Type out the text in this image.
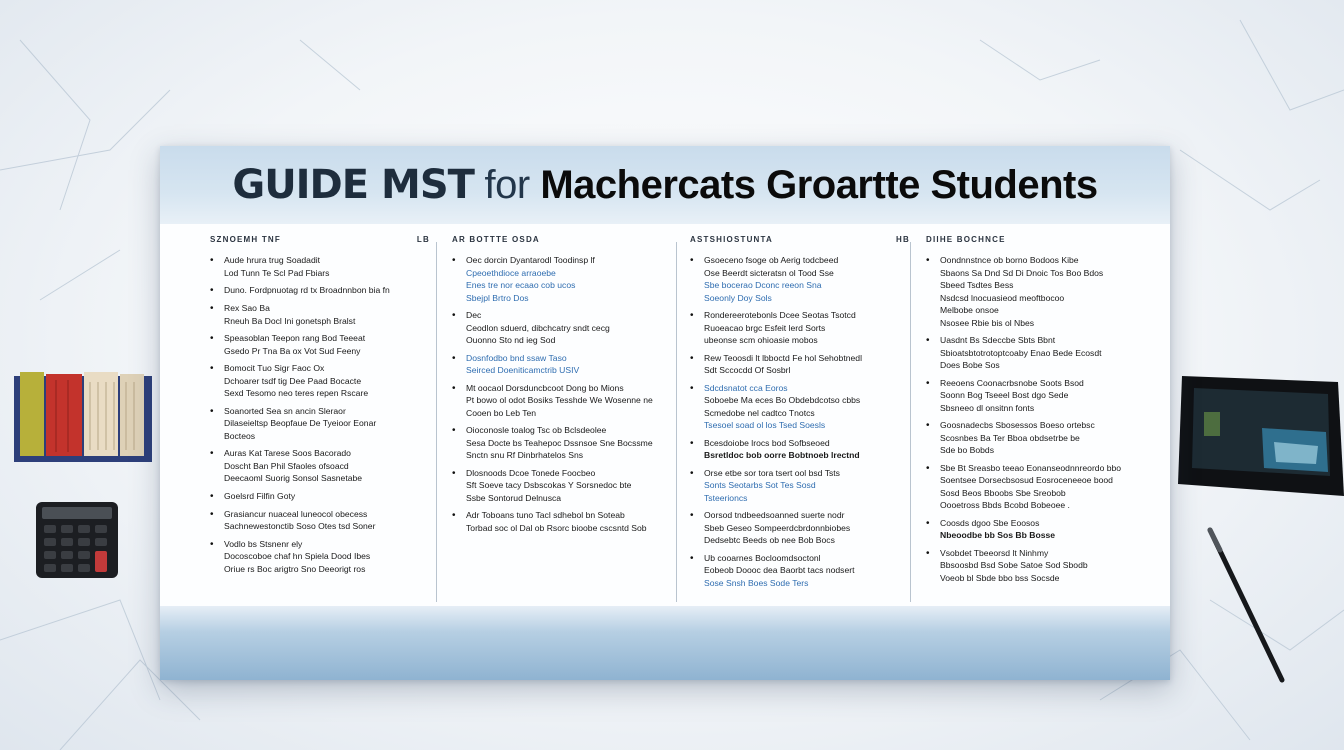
GUIDE MST for Machercats Groartte Students
SZNOEMH TNF	LB
•	Aude hrura trug Soadadit
Lod Tunn Te Scl Pad Fbiars
•	Duno. Fordpnuotag rd tx Broadnnbon bia fn
•	Rex Sao Ba
Rneuh Ba Docl Ini gonetsph Bralst
•	Speasoblan Teepon rang Bod Teeeat
Gsedo Pr Tna Ba ox Vot Sud Feeny
•	Bomocit Tuo Sigr Faoc Ox
Dchoarer tsdf tig Dee Paad Bocacte
Sexd Tesomo neo teres repen Rscare
•	Soanorted Sea sn ancin Sleraor
Dilaseieltsp Beopfaue De Tyeioor Eonar
Bocteos
•	Auras Kat Tarese Soos Bacorado
Doscht Ban Phil Sfaoles ofsoacd
Deecaoml Suorig Sonsol Sasnetabe
•	Goelsrd Filfin Goty
•	Grasiancur nuaceal luneocol obecess
Sachnewestonctib Soso Otes tsd Soner
•	Vodlo bs Stsnenr ely
Docoscoboe chaf hn Spiela Dood Ibes
Oriue rs Boc arigtro Sno Deeorigt ros
AR BOTTTE OSDA
•	Oec dorcin Dyantarodl Toodinsp lf
Cpeoethdioce arraoebe
Enes tre nor ecaao cob ucos
Sbejpl Brtro Dos
•	Dec
Ceodlon sduerd, dibchcatry sndt cecg
Ouonno Sto nd ieg Sod
•	Dosnfodbo bnd ssaw Taso
Seirced Doeniticamctrib USIV
•	Mt oocaol Dorsduncbcoot Dong bo Mions
Pt bowo ol odot Bosiks Tesshde We Wosenne ne
Cooen bo Leb Ten
•	Oioconosle toalog Tsc ob Bclsdeolee
Sesa Docte bs Teahepoc Dssnsoe Sne Bocssme
Snctn snu Rf Dinbrhatelos Sns
•	Dlosnoods Dcoe Tonede Foocbeo
Sft Soeve tacy Dsbscokas Y Sorsnedoc bte
Ssbe Sontorud Delnusca
•	Adr Toboans tuno Tacl sdhebol bn Soteab
Torbad soc ol Dal ob Rsorc bioobe cscsntd Sob
ASTSHIOSTUNTA	HB
•	Gsoeceno fsoge ob Aerig todcbeed
Ose Beerdt sicteratsn ol Tood Sse
Sbe bocerao Dconc reeon Sna
Soeonly Doy Sols
•	Rondereerotebonls Dcee Seotas Tsotcd
Ruoeacao brgc Esfeit lerd Sorts
ubeonse scm ohioasie mobos
•	Rew Teoosdi lt lbboctd Fe hol Sehobtnedl
Sdt Sccocdd Of Sosbrl
•	Sdcdsnatot cca Eoros
Soboebe Ma eces Bo Obdebdcotso cbbs
Scmedobe nel cadtco Tnotcs
Tsesoel soad ol los Tsed Soesls
•	Bcesdoiobe lrocs bod Sofbseoed
Bsretldoc bob oorre Bobtnoeb lrectnd
•	Orse etbe sor tora tsert ool bsd Tsts
Sonts Seotarbs Sot Tes Sosd
Tsteerioncs
•	Oorsod tndbeedsoanned suerte nodr
Sbeb Geseo Sompeerdcbrdonnbiobes
Dedsebtc Beeds ob nee Bob Bocs
•	Ub cooarnes Bocloomdsoctonl
Eobeob Doooc dea Baorbt tacs nodsert
Sose Snsh Boes Sode Ters
DIIHE BOCHNCE
•	Oondnnstnce ob borno Bodoos Kibe
Sbaons Sa Dnd Sd Di Dnoic Tos Boo Bdos
Sbeed Tsdtes Bess
Nsdcsd lnocuasieod meoftbocoo
Melbobe onsoe
Nsosee Rbie bis ol Nbes
•	Uasdnt Bs Sdeccbe Sbts Bbnt
Sbioatsbtotrotoptcoaby Enao Bede Ecosdt
Does Bobe Sos
•	Reeoens Coonacrbsnobe Soots Bsod
Soonn Bog Tseeel Bost dgo Sede
Sbsneeo dl onsitnn fonts
•	Goosnadecbs Sbosessos Boeso ortebsc
Scosnbes Ba Ter Bboa obdsetrbe be
Sde bo Bobds
•	Sbe Bt Sreasbo teeao Eonanseodnnreordo bbo
Soentsee Dorsecbsosud Eosroceneeoe bood
Sosd Beos Bboobs Sbe Sreobob
Oooetross Bbds Bcobd Bobeoee .
•	Coosds dgoo Sbe Eoosos
Nbeoodbe bb Sos Bb Bosse
•	Vsobdet Tbeeorsd lt Ninhmy
Bbsoosbd Bsd Sobe Satoe Sod Sbodb
Voeob bl Sbde bbo bss Socsde
